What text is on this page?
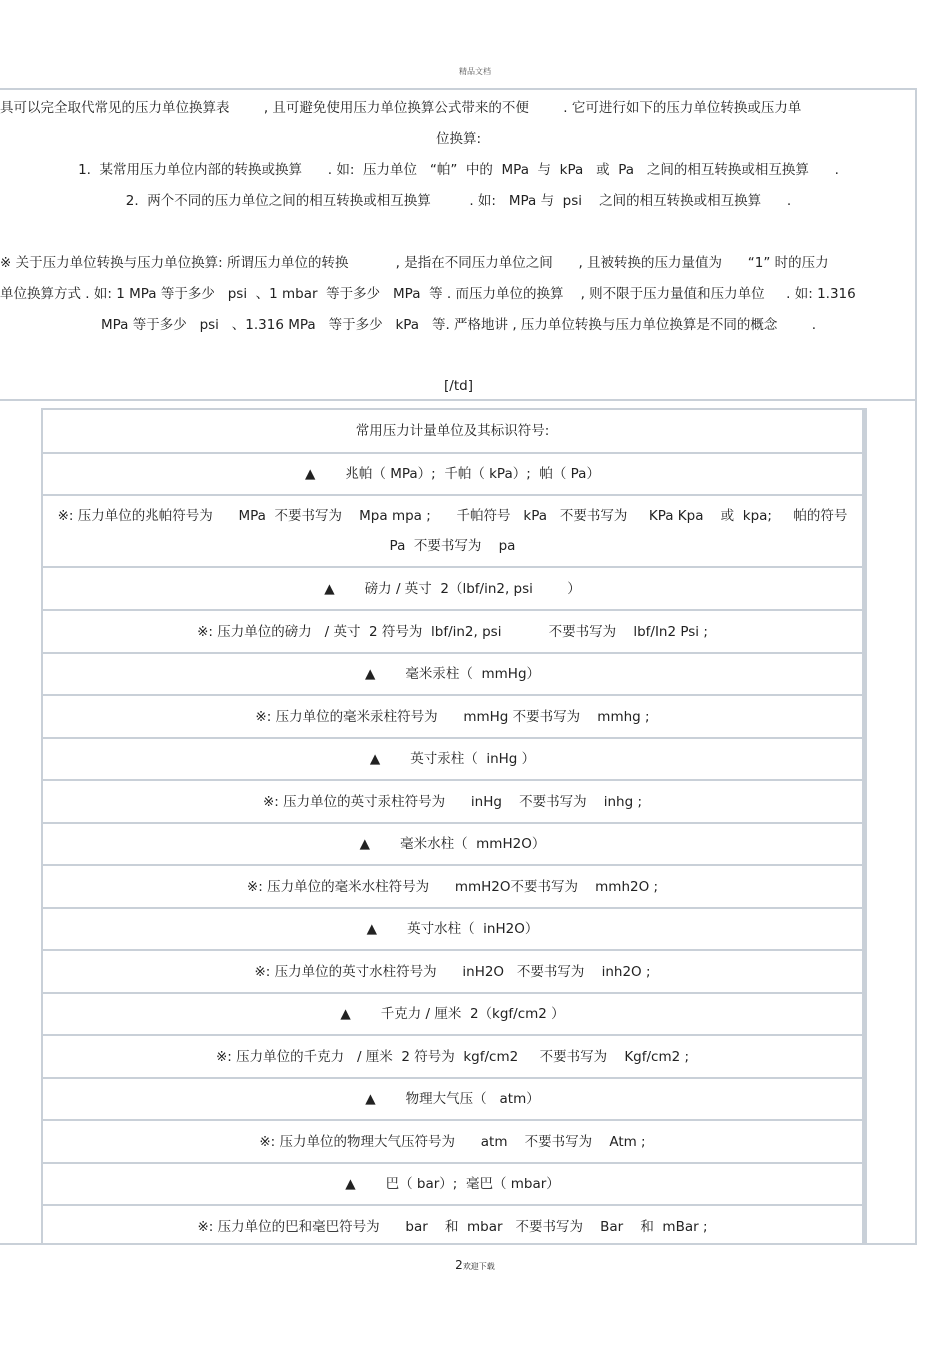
精品文档
具可以完全取代常见的压力单位换算表        , 且可避免使用压力单位换算公式带来的不便        . 它可进行如下的压力单位转换或压力单
位换算:
1.  某常用压力单位内部的转换或换算      . 如:  压力单位   “帕”  中的  MPa  与  kPa   或  Pa   之间的相互转换或相互换算      .
2.  两个不同的压力单位之间的相互转换或相互换算         . 如:   MPa 与  psi    之间的相互转换或相互换算      .
※ 关于压力单位转换与压力单位换算: 所谓压力单位的转换           , 是指在不同压力单位之间      , 且被转换的压力量值为      “1” 时的压力
单位换算方式 . 如: 1 MPa 等于多少   psi  、1 mbar  等于多少   MPa  等 . 而压力单位的换算    , 则不限于压力量值和压力单位     . 如: 1.316
MPa 等于多少   psi   、1.316 MPa   等于多少   kPa   等. 严格地讲 , 压力单位转换与压力单位换算是不同的概念        .
[/td]
常用压力计量单位及其标识符号:
▲       兆帕（ MPa）;  千帕（ kPa）;  帕（ Pa）
※: 压力单位的兆帕符号为      MPa  不要书写为    Mpa mpa ;      千帕符号   kPa   不要书写为     KPa Kpa    或  kpa;     帕的符号
Pa  不要书写为    pa
▲       磅力 / 英寸  2（lbf/in2, psi        ）
※: 压力单位的磅力   / 英寸  2 符号为  lbf/in2, psi           不要书写为    lbf/In2 Psi ;
▲       毫米汞柱（  mmHg）
※: 压力单位的毫米汞柱符号为      mmHg 不要书写为    mmhg ;
▲       英寸汞柱（  inHg ）
※: 压力单位的英寸汞柱符号为      inHg    不要书写为    inhg ;
▲       毫米水柱（  mmH2O）
※: 压力单位的毫米水柱符号为      mmH2O不要书写为    mmh2O ;
▲       英寸水柱（  inH2O）
※: 压力单位的英寸水柱符号为      inH2O   不要书写为    inh2O ;
▲       千克力 / 厘米  2（kgf/cm2 ）
※: 压力单位的千克力   / 厘米  2 符号为  kgf/cm2     不要书写为    Kgf/cm2 ;
▲       物理大气压（   atm）
※: 压力单位的物理大气压符号为      atm    不要书写为    Atm ;
▲       巴（ bar）;  毫巴（ mbar）
※: 压力单位的巴和毫巴符号为      bar    和  mbar   不要书写为    Bar    和  mBar ;
2欢迎下载
